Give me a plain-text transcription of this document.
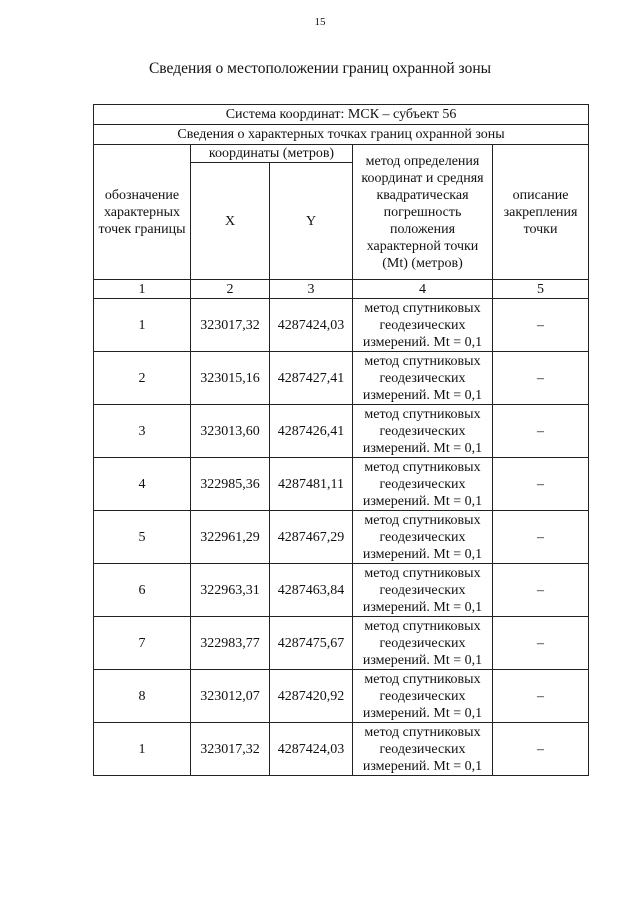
15
Сведения о местоположении границ охранной зоны
Система координат: МСК – субъект 56				
Сведения о характерных точках границ охранной зоны				
обозначение характерных точек границы	координаты (метров)		метод определения координат и средняя квадратическая погрешность положения характерной точки (Mt) (метров)	описание закрепления точки
	X	Y		
1	2	3	4	5
1	323017,32	4287424,03	метод спутниковых геодезических измерений. Mt = 0,1	–
2	323015,16	4287427,41	метод спутниковых геодезических измерений. Mt = 0,1	–
3	323013,60	4287426,41	метод спутниковых геодезических измерений. Mt = 0,1	–
4	322985,36	4287481,11	метод спутниковых геодезических измерений. Mt = 0,1	–
5	322961,29	4287467,29	метод спутниковых геодезических измерений. Mt = 0,1	–
6	322963,31	4287463,84	метод спутниковых геодезических измерений. Mt = 0,1	–
7	322983,77	4287475,67	метод спутниковых геодезических измерений. Mt = 0,1	–
8	323012,07	4287420,92	метод спутниковых геодезических измерений. Mt = 0,1	–
1	323017,32	4287424,03	метод спутниковых геодезических измерений. Mt = 0,1	–
